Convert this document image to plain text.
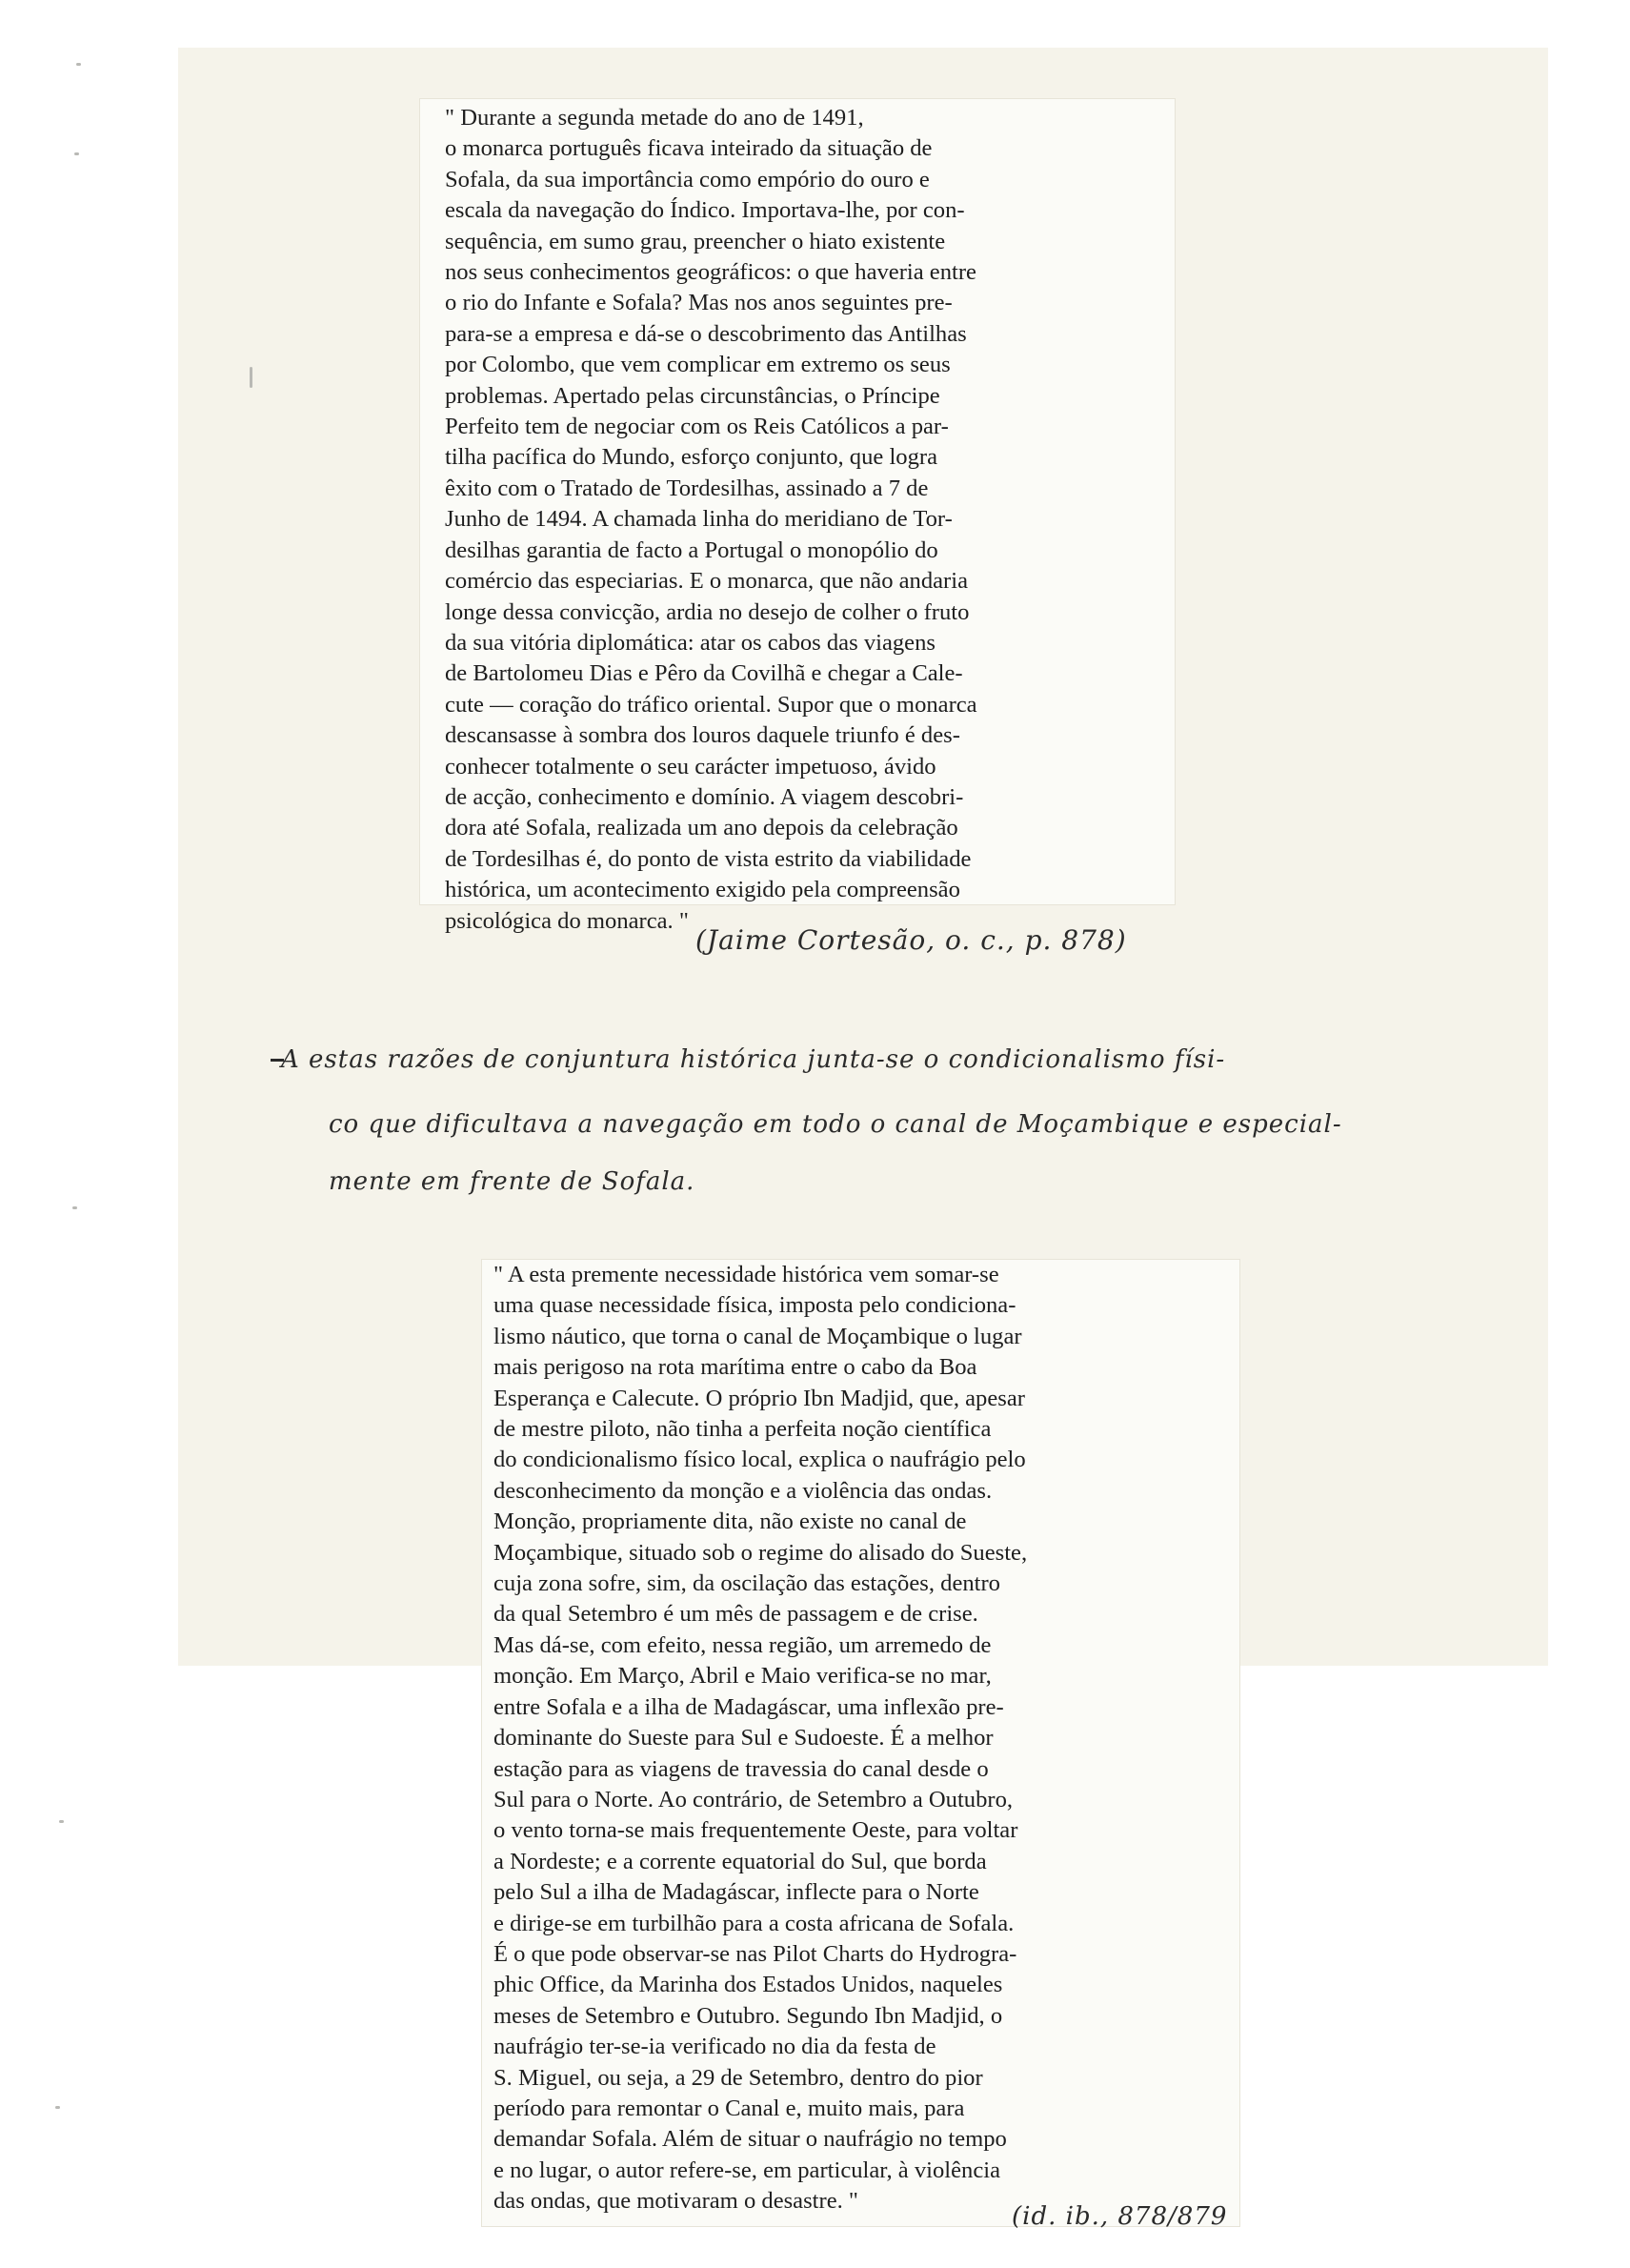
" Durante a segunda metade do ano de 1491,
o monarca português ficava inteirado da situação de
Sofala, da sua importância como empório do ouro e
escala da navegação do Índico. Importava-lhe, por con-
sequência, em sumo grau, preencher o hiato existente
nos seus conhecimentos geográficos: o que haveria entre
o rio do Infante e Sofala? Mas nos anos seguintes pre-
para-se a empresa e dá-se o descobrimento das Antilhas
por Colombo, que vem complicar em extremo os seus
problemas. Apertado pelas circunstâncias, o Príncipe
Perfeito tem de negociar com os Reis Católicos a par-
tilha pacífica do Mundo, esforço conjunto, que logra
êxito com o Tratado de Tordesilhas, assinado a 7 de
Junho de 1494. A chamada linha do meridiano de Tor-
desilhas garantia de facto a Portugal o monopólio do
comércio das especiarias. E o monarca, que não andaria
longe dessa convicção, ardia no desejo de colher o fruto
da sua vitória diplomática: atar os cabos das viagens
de Bartolomeu Dias e Pêro da Covilhã e chegar a Cale-
cute — coração do tráfico oriental. Supor que o monarca
descansasse à sombra dos louros daquele triunfo é des-
conhecer totalmente o seu carácter impetuoso, ávido
de acção, conhecimento e domínio. A viagem descobri-
dora até Sofala, realizada um ano depois da celebração
de Tordesilhas é, do ponto de vista estrito da viabilidade
histórica, um acontecimento exigido pela compreensão
psicológica do monarca. "

(Jaime Cortesão, o. c., p. 878)
A estas razões de conjuntura histórica junta-se o condicionalismo físi-
co que dificultava a navegação em todo o canal de Moçambique e especial-
mente em frente de Sofala.

" A esta premente necessidade histórica vem somar-se
uma quase necessidade física, imposta pelo condiciona-
lismo náutico, que torna o canal de Moçambique o lugar
mais perigoso na rota marítima entre o cabo da Boa
Esperança e Calecute. O próprio Ibn Madjid, que, apesar
de mestre piloto, não tinha a perfeita noção científica
do condicionalismo físico local, explica o naufrágio pelo
desconhecimento da monção e a violência das ondas.
Monção, propriamente dita, não existe no canal de
Moçambique, situado sob o regime do alisado do Sueste,
cuja zona sofre, sim, da oscilação das estações, dentro
da qual Setembro é um mês de passagem e de crise.
Mas dá-se, com efeito, nessa região, um arremedo de
monção. Em Março, Abril e Maio verifica-se no mar,
entre Sofala e a ilha de Madagáscar, uma inflexão pre-
dominante do Sueste para Sul e Sudoeste. É a melhor
estação para as viagens de travessia do canal desde o
Sul para o Norte. Ao contrário, de Setembro a Outubro,
o vento torna-se mais frequentemente Oeste, para voltar
a Nordeste; e a corrente equatorial do Sul, que borda
pelo Sul a ilha de Madagáscar, inflecte para o Norte
e dirige-se em turbilhão para a costa africana de Sofala.
É o que pode observar-se nas Pilot Charts do Hydrogra-
phic Office, da Marinha dos Estados Unidos, naqueles
meses de Setembro e Outubro. Segundo Ibn Madjid, o
naufrágio ter-se-ia verificado no dia da festa de
S. Miguel, ou seja, a 29 de Setembro, dentro do pior
período para remontar o Canal e, muito mais, para
demandar Sofala. Além de situar o naufrágio no tempo
e no lugar, o autor refere-se, em particular, à violência
das ondas, que motivaram o desastre. "

(id. ib., 878/879
